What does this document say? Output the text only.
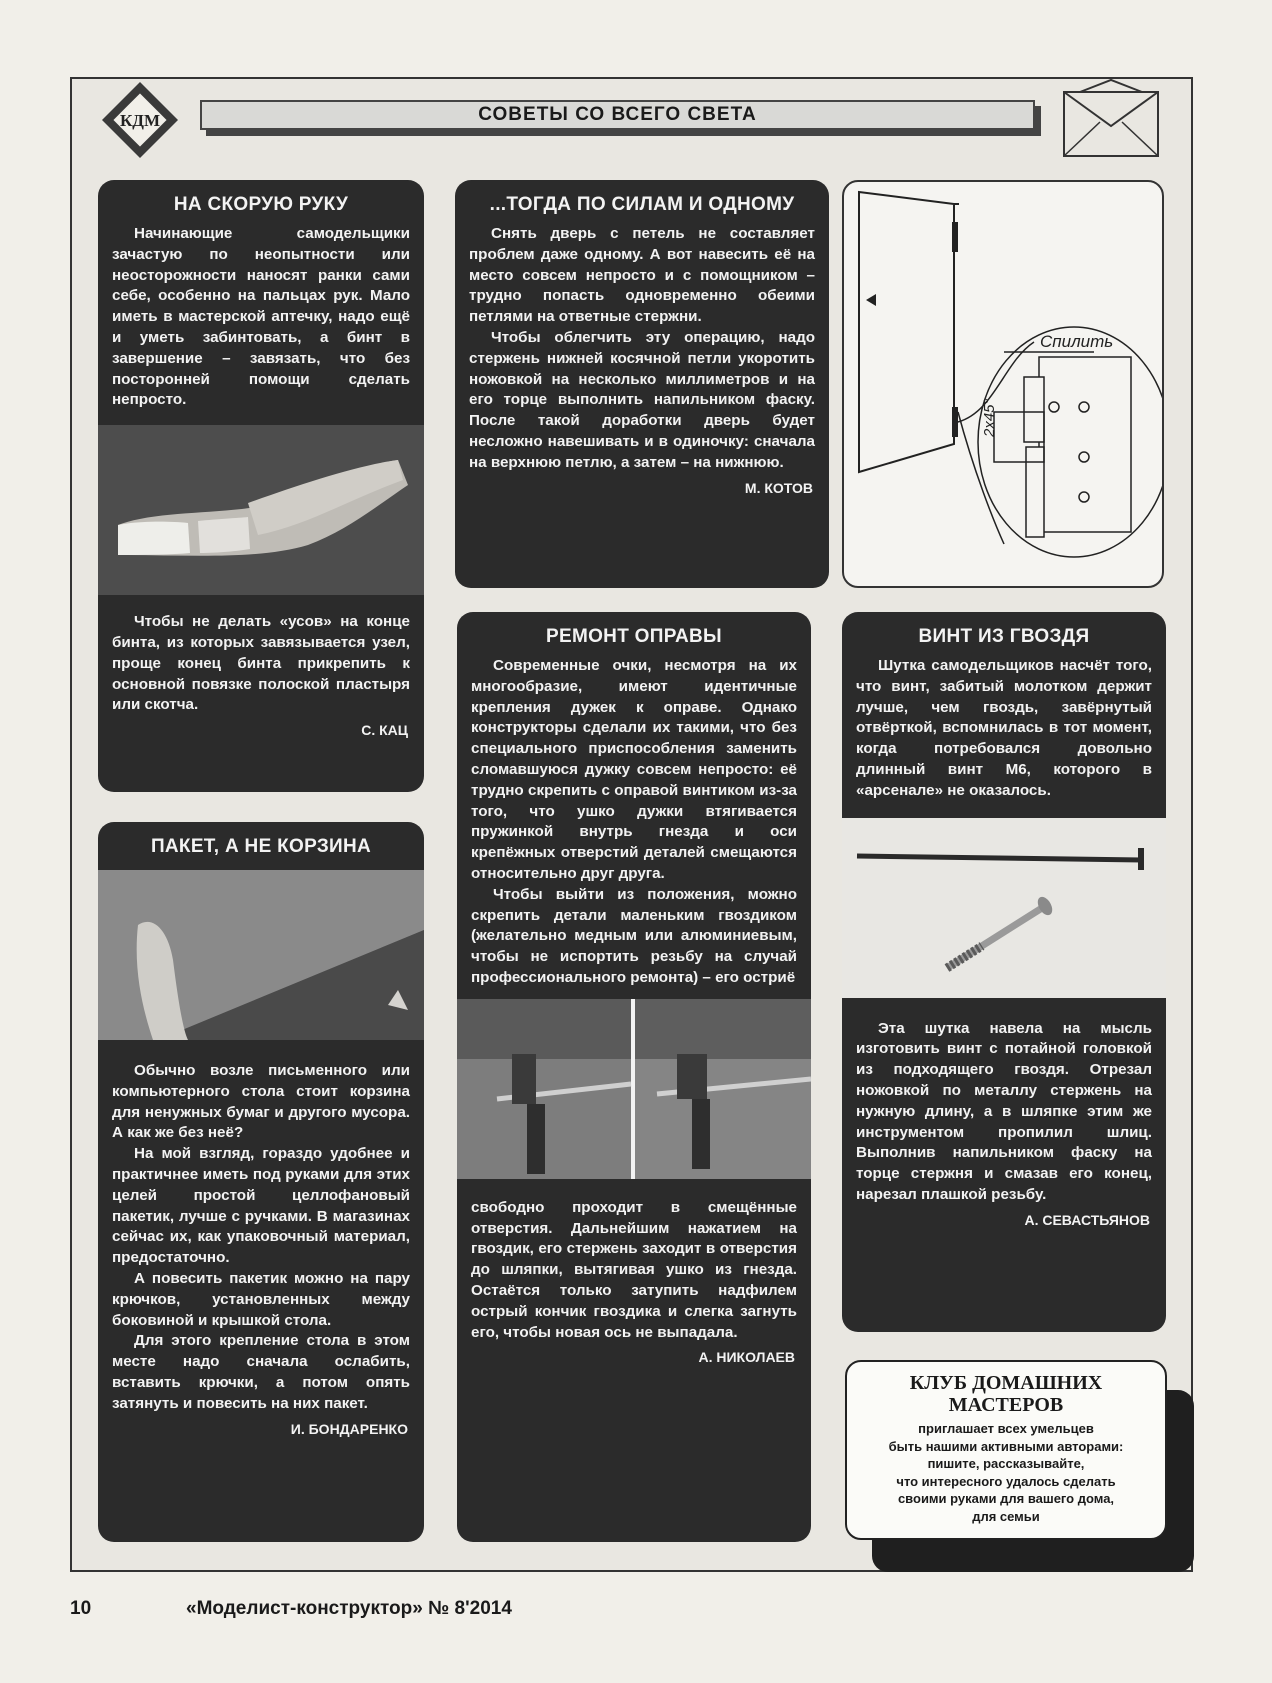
КДМ	СОВЕТЫ СО ВСЕГО СВЕТА
НА СКОРУЮ РУКУ

Начинающие самодельщики зачастую по неопытности или неосторожности наносят ранки сами себе, особенно на пальцах рук. Мало иметь в мастерской аптечку, надо ещё и уметь забинтовать, а бинт в завершение – завязать, что без посторонней помощи сделать непросто.

Чтобы не делать «усов» на конце бинта, из которых завязывается узел, проще конец бинта прикрепить к основной повязке полоской пластыря или скотча.

С. КАЦ
...ТОГДА ПО СИЛАМ И ОДНОМУ

Снять дверь с петель не составляет проблем даже одному. А вот навесить её на место совсем непросто и с помощником – трудно попасть одновременно обеими петлями на ответные стержни.

Чтобы облегчить эту операцию, надо стержень нижней косячной петли укоротить ножовкой на несколько миллиметров и на его торце выполнить напильником фаску. После такой доработки дверь будет несложно навешивать и в одиночку: сначала на верхнюю петлю, а затем – на нижнюю.

М. КОТОВ
Спилить
2x45°
ПАКЕТ, А НЕ КОРЗИНА

Обычно возле письменного или компьютерного стола стоит корзина для ненужных бумаг и другого мусора. А как же без неё?

На мой взгляд, гораздо удобнее и практичнее иметь под руками для этих целей простой целлофановый пакетик, лучше с ручками. В магазинах сейчас их, как упаковочный материал, предостаточно.

А повесить пакетик можно на пару крючков, установленных между боковиной и крышкой стола.

Для этого крепление стола в этом месте надо сначала ослабить, вставить крючки, а потом опять затянуть и повесить на них пакет.

И. БОНДАРЕНКО
РЕМОНТ ОПРАВЫ

Современные очки, несмотря на их многообразие, имеют идентичные крепления дужек к оправе. Однако конструкторы сделали их такими, что без специального приспособления заменить сломавшуюся дужку совсем непросто: её трудно скрепить с оправой винтиком из-за того, что ушко дужки втягивается пружинкой внутрь гнезда и оси крепёжных отверстий деталей смещаются относительно друг друга.

Чтобы выйти из положения, можно скрепить детали маленьким гвоздиком (желательно медным или алюминиевым, чтобы не испортить резьбу на случай профессионального ремонта) – его остриё

свободно проходит в смещённые отверстия. Дальнейшим нажатием на гвоздик, его стержень заходит в отверстия до шляпки, вытягивая ушко из гнезда. Остаётся только затупить надфилем острый кончик гвоздика и слегка загнуть его, чтобы новая ось не выпадала.

А. НИКОЛАЕВ
ВИНТ ИЗ ГВОЗДЯ

Шутка самодельщиков насчёт того, что винт, забитый молотком держит лучше, чем гвоздь, завёрнутый отвёрткой, вспомнилась в тот момент, когда потребовался довольно длинный винт М6, которого в «арсенале» не оказалось.

Эта шутка навела на мысль изготовить винт с потайной головкой из подходящего гвоздя. Отрезал ножовкой по металлу стержень на нужную длину, а в шляпке этим же инструментом пропилил шлиц. Выполнив напильником фаску на торце стержня и смазав его конец, нарезал плашкой резьбу.

А. СЕВАСТЬЯНОВ
КЛУБ ДОМАШНИХ
МАСТЕРОВ

приглашает всех умельцев
быть нашими активными авторами:
пишите, рассказывайте,
что интересного удалось сделать
своими руками для вашего дома,
для семьи

10	«Моделист-конструктор» № 8'2014
